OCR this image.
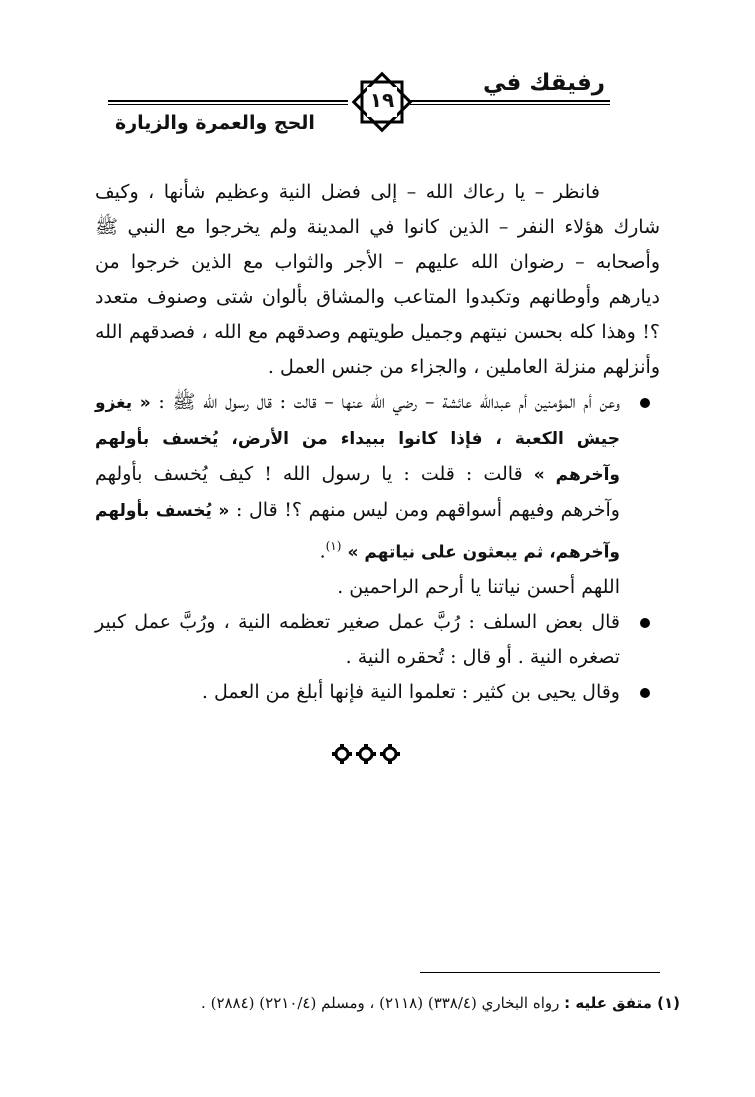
رفيقك في
١٩
الحج والعمرة والزيارة

فانظر – يا رعاك الله – إلى فضل النية وعظيم شأنها ، وكيف شارك هؤلاء النفر – الذين كانوا في المدينة ولم يخرجوا مع النبي ﷺ وأصحابه – رضوان الله عليهم – الأجر والثواب مع الذين خرجوا من ديارهم وأوطانهم وتكبدوا المتاعب والمشاق بألوان شتى وصنوف متعدد ؟! وهذا كله بحسن نيتهم وجميل طويتهم وصدقهم مع الله ، فصدقهم الله وأنزلهم منزلة العاملين ، والجزاء من جنس العمل .

وعن أم المؤمنين أم عبدالله عائشة – رضي الله عنها – قالت : قال رسول الله ﷺ : « يغزو جيش الكعبة ، فإذا كانوا ببيداء من الأرض، يُخسف بأولهم وآخرهم » قالت : قلت : يا رسول الله ! كيف يُخسف بأولهم وآخرهم وفيهم أسواقهم ومن ليس منهم ؟! قال : « يُخسف بأولهم وآخرهم، ثم يبعثون على نياتهم » $^{(١)}$.

اللهم أحسن نياتنا يا أرحم الراحمين .

قال بعض السلف : رُبَّ عمل صغير تعظمه النية ، ورُبَّ عمل كبير تصغره النية . أو قال : تُحقره النية .

وقال يحيى بن كثير : تعلموا النية فإنها أبلغ من العمل .

(١) متفق عليه : رواه البخاري (٣٣٨/٤) (٢١١٨) ، ومسلم (٢٢١٠/٤) (٢٨٨٤) .
